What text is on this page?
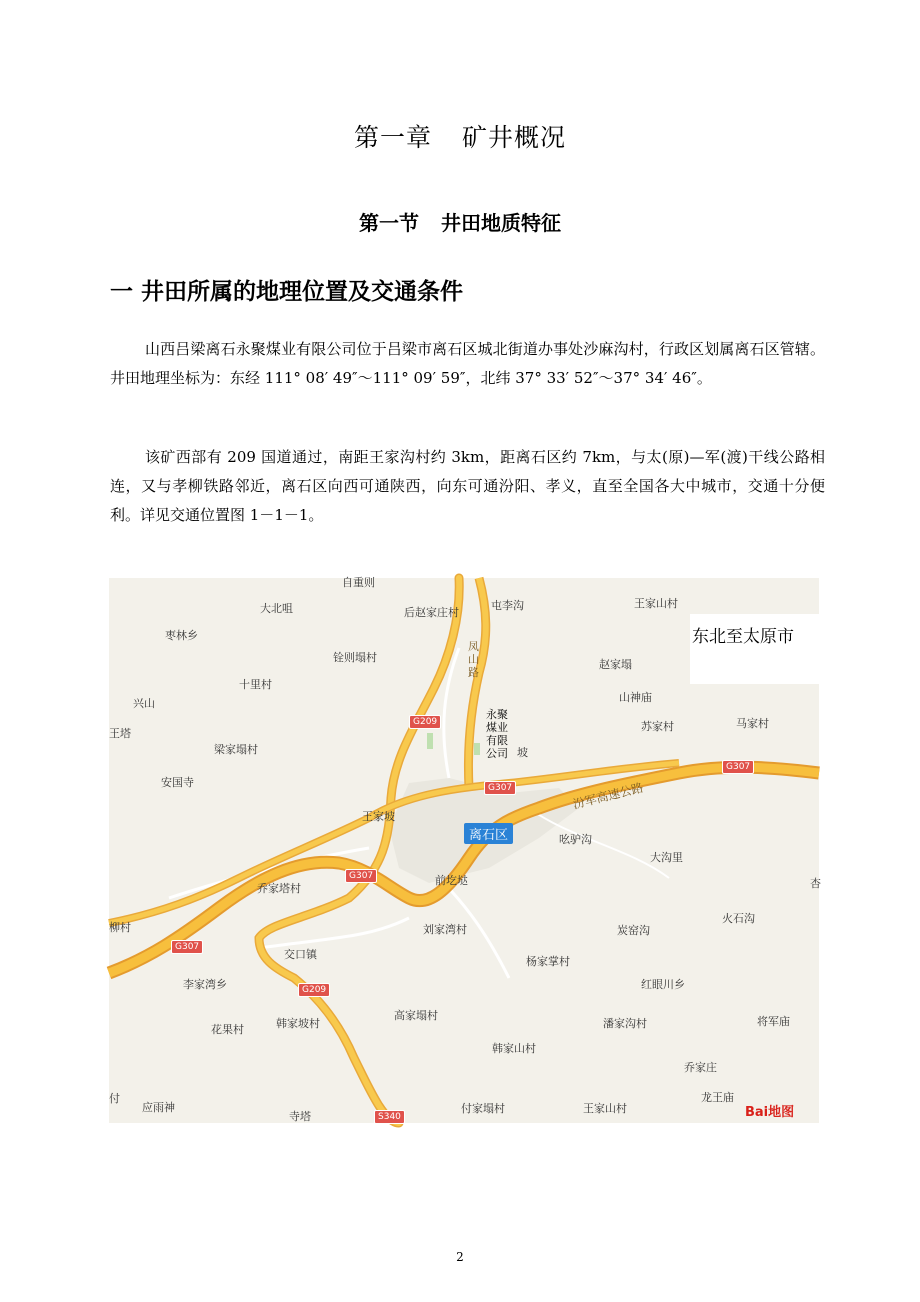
第一章 矿井概况
第一节 井田地质特征
一 井田所属的地理位置及交通条件

山西吕梁离石永聚煤业有限公司位于吕梁市离石区城北街道办事处沙麻沟村，行政区划属离石区管辖。井田地理坐标为：东经 111° 08′ 49″～111° 09′ 59″，北纬 37° 33′ 52″～37° 34′ 46″。

该矿西部有 209 国道通过，南距王家沟村约 3km，距离石区约 7km，与太(原)—军(渡)干线公路相连，又与孝柳铁路邻近，离石区向西可通陕西，向东可通汾阳、孝义，直至全国各大中城市，交通十分便利。详见交通位置图 1－1－1。

G209
G307
G307
G307
G307
G209
S340
离石区
永聚煤业有限公司
凤山路
汾军高速公路
东北至太原市
自重则
大北咀	后赵家庄村
屯李沟	王家山村
枣林乡
铨则塌村
赵家塌
十里村
兴山	山神庙
王塔
苏家村	马家村
梁家塌村	坡
安国寺
王家坡
吆驴沟
大沟里
乔家塔村
前圪垯	杏
柳村
火石沟
刘家湾村	炭窑沟
交口镇
杨家掌村
李家湾乡	红眼川乡
花果村	韩家坡村
高家塌村
潘家沟村	将军庙
韩家山村
乔家庄
龙王庙
付
应雨神
寺塔
付家塌村	王家山村	Bai地图
2
